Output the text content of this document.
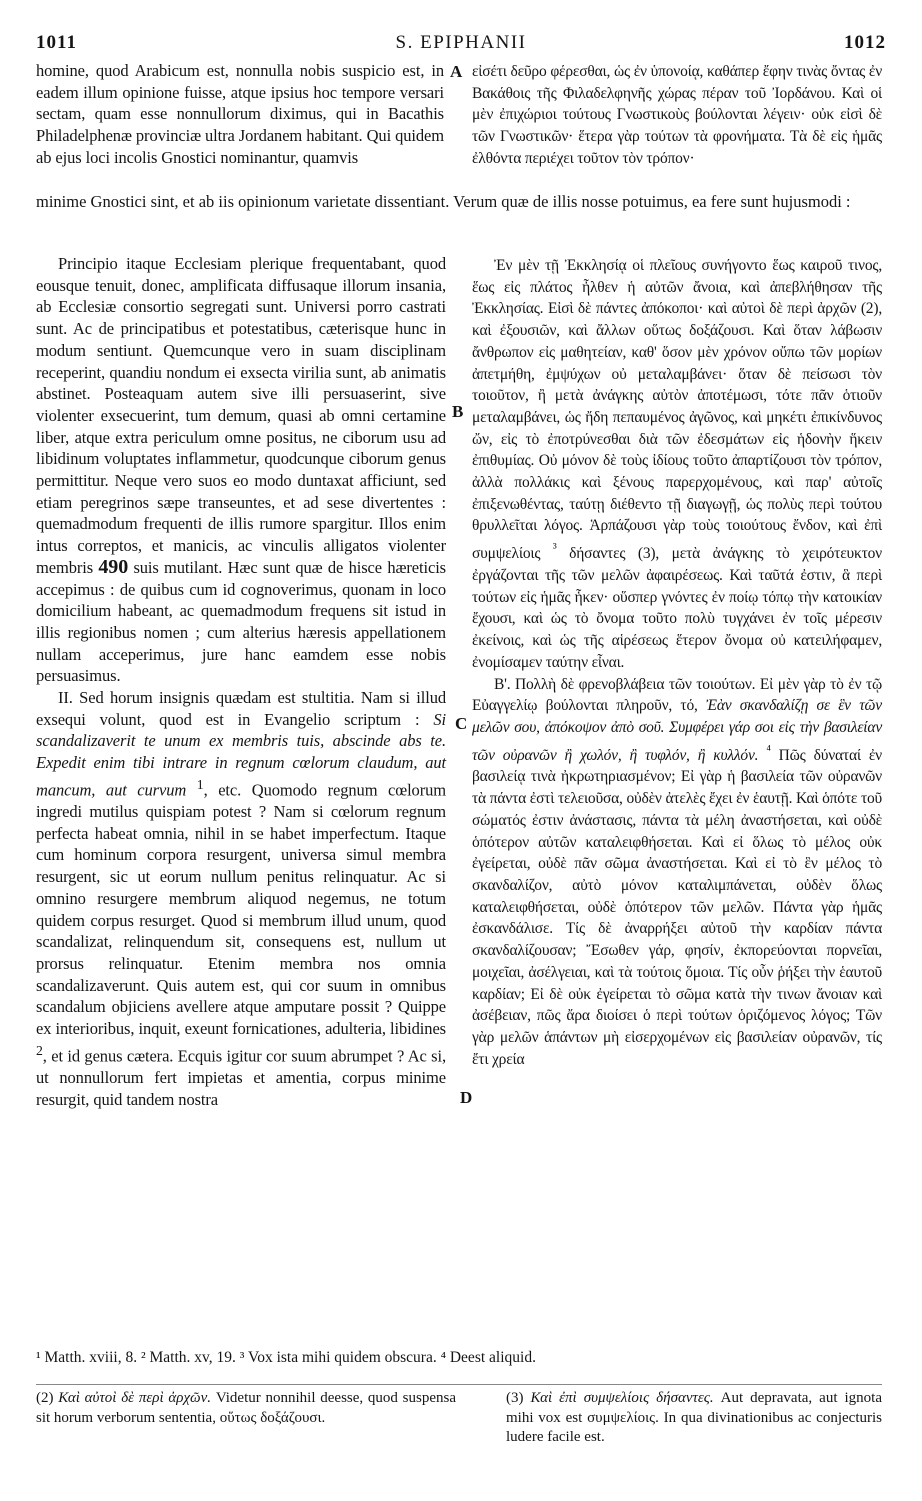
1011	S. EPIPHANII	1012

homine, quod Arabicum est, nonnulla nobis suspicio est, in eadem illum opinione fuisse, atque ipsius hoc tempore versari sectam, quam esse nonnullorum diximus, qui in Bacathis Philadelphenæ provinciæ ultra Jordanem habitant. Qui quidem ab ejus loci incolis Gnostici nominantur, quamvis

εἰσέτι δεῦρο φέρεσθαι, ὡς ἐν ὑπονοίᾳ, καθάπερ ἔφην τινὰς ὄντας ἐν Βακάθοις τῆς Φιλαδελφηνῆς χώρας πέραν τοῦ Ἰορδάνου. Καὶ οἱ μὲν ἐπιχώριοι τούτους Γνωστικοὺς βούλονται λέγειν· οὐκ εἰσὶ δὲ τῶν Γνωστικῶν· ἕτερα γὰρ τούτων τὰ φρονήματα. Τὰ δὲ εἰς ἡμᾶς ἐλθόντα περιέχει τοῦτον τὸν τρόπον·

A

minime Gnostici sint, et ab iis opinionum varietate dissentiant. Verum quæ de illis nosse potuimus, ea fere sunt hujusmodi :

Principio itaque Ecclesiam plerique frequentabant, quod eousque tenuit, donec, amplificata diffusaque illorum insania, ab Ecclesiæ consortio segregati sunt. Universi porro castrati sunt. Ac de principatibus et potestatibus, cæterisque hunc in modum sentiunt. Quemcunque vero in suam disciplinam receperint, quandiu nondum ei exsecta virilia sunt, ab animatis abstinet. Posteaquam autem sive illi persuaserint, sive violenter exsecuerint, tum demum, quasi ab omni certamine liber, atque extra periculum omne positus, ne ciborum usu ad libidinum voluptates inflammetur, quodcunque ciborum genus permittitur. Neque vero suos eo modo duntaxat afficiunt, sed etiam peregrinos sæpe transeuntes, et ad sese divertentes : quemadmodum frequenti de illis rumore spargitur. Illos enim intus correptos, et manicis, ac vinculis alligatos violenter membris 490 suis mutilant. Hæc sunt quæ de hisce hæreticis accepimus : de quibus cum id cognoverimus, quonam in loco domicilium habeant, ac quemadmodum frequens sit istud in illis regionibus nomen ; cum alterius hæresis appellationem nullam acceperimus, jure hanc eamdem esse nobis persuasimus.

II. Sed horum insignis quædam est stultitia. Nam si illud exsequi volunt, quod est in Evangelio scriptum : Si scandalizaverit te unum ex membris tuis, abscinde abs te. Expedit enim tibi intrare in regnum cœlorum claudum, aut mancum, aut curvum $^1$, etc. Quomodo regnum cœlorum ingredi mutilus quispiam potest ? Nam si cœlorum regnum perfecta habeat omnia, nihil in se habet imperfectum. Itaque cum hominum corpora resurgent, universa simul membra resurgent, sic ut eorum nullum penitus relinquatur. Ac si omnino resurgere membrum aliquod negemus, ne totum quidem corpus resurget. Quod si membrum illud unum, quod scandalizat, relinquendum sit, consequens est, nullum ut prorsus relinquatur. Etenim membra nos omnia scandalizaverunt. Quis autem est, qui cor suum in omnibus scandalum objiciens avellere atque amputare possit ? Quippe ex interioribus, inquit, exeunt fornicationes, adulteria, libidines $^2$, et id genus cætera. Ecquis igitur cor suum abrumpet ? Ac si, ut nonnullorum fert impietas et amentia, corpus minime resurgit, quid tandem nostra

Ἐν μὲν τῇ Ἐκκλησίᾳ οἱ πλεῖους συνήγοντο ἕως καιροῦ τινος, ἕως εἰς πλάτος ἦλθεν ἡ αὐτῶν ἄνοια, καὶ ἀπεβλήθησαν τῆς Ἐκκλησίας. Εἰσὶ δὲ πάντες ἀπόκοποι· καὶ αὐτοὶ δὲ περὶ ἀρχῶν (2), καὶ ἐξουσιῶν, καὶ ἄλλων οὕτως δοξάζουσι. Καὶ ὅταν λάβωσιν ἄνθρωπον εἰς μαθητείαν, καθ' ὅσον μὲν χρόνον οὔπω τῶν μορίων ἀπετμήθη, ἐμψύχων οὐ μεταλαμβάνει· ὅταν δὲ πείσωσι τὸν τοιοῦτον, ἢ μετὰ ἀνάγκης αὐτὸν ἀποτέμωσι, τότε πᾶν ὁτιοῦν μεταλαμβάνει, ὡς ἤδη πεπαυμένος ἀγῶνος, καὶ μηκέτι ἐπικίνδυνος ὤν, εἰς τὸ ἐποτρύνεσθαι διὰ τῶν ἐδεσμάτων εἰς ἡδονὴν ἥκειν ἐπιθυμίας. Οὐ μόνον δὲ τοὺς ἰδίους τοῦτο ἀπαρτίζουσι τὸν τρόπον, ἀλλὰ πολλάκις καὶ ξένους παρερχομένους, καὶ παρ' αὐτοῖς ἐπιξενωθέντας, ταύτῃ διέθεντο τῇ διαγωγῇ, ὡς πολὺς περὶ τούτου θρυλλεῖται λόγος. Ἁρπάζουσι γὰρ τοὺς τοιούτους ἔνδον, καὶ ἐπὶ συμψελίοις $^{^3}$ δήσαντες (3), μετὰ ἀνάγκης τὸ χειρότευκτον ἐργάζονται τῆς τῶν μελῶν ἀφαιρέσεως. Καὶ ταῦτά ἐστιν, ἃ περὶ τούτων εἰς ἡμᾶς ἧκεν· οὕσπερ γνόντες ἐν ποίῳ τόπῳ τὴν κατοικίαν ἔχουσι, καὶ ὡς τὸ ὄνομα τοῦτο πολὺ τυγχάνει ἐν τοῖς μέρεσιν ἐκείνοις, καὶ ὡς τῆς αἱρέσεως ἕτερον ὄνομα οὐ κατειλήφαμεν, ἐνομίσαμεν ταύτην εἶναι.

Β'. Πολλὴ δὲ φρενοβλάβεια τῶν τοιούτων. Εἰ μὲν γὰρ τὸ ἐν τῷ Εὐαγγελίῳ βούλονται πληροῦν, τό, Ἐὰν σκανδαλίζῃ σε ἓν τῶν μελῶν σου, ἀπόκοψον ἀπὸ σοῦ. Συμφέρει γάρ σοι εἰς τὴν βασιλείαν τῶν οὐρανῶν ἢ χωλόν, ἢ τυφλόν, ἢ κυλλόν. $^{^4}$ Πῶς δύναταί ἐν βασιλείᾳ τινὰ ἠκρωτηριασμένον; Εἰ γὰρ ἡ βασιλεία τῶν οὐρανῶν τὰ πάντα ἐστὶ τελειοῦσα, οὐδὲν ἀτελὲς ἔχει ἐν ἑαυτῇ. Καὶ ὁπότε τοῦ σώματός ἐστιν ἀνάστασις, πάντα τὰ μέλη ἀναστήσεται, καὶ οὐδὲ ὁπότερον αὐτῶν καταλειφθήσεται. Καὶ εἰ ὅλως τὸ μέλος οὐκ ἐγείρεται, οὐδὲ πᾶν σῶμα ἀναστήσεται. Καὶ εἰ τὸ ἓν μέλος τὸ σκανδαλίζον, αὐτὸ μόνον καταλιμπάνεται, οὐδὲν ὅλως καταλειφθήσεται, οὐδὲ ὁπότερον τῶν μελῶν. Πάντα γὰρ ἡμᾶς ἐσκανδάλισε. Τίς δὲ ἀναρρήξει αὐτοῦ τὴν καρδίαν πάντα σκανδαλίζουσαν; Ἔσωθεν γάρ, φησίν, ἐκπορεύονται πορνεῖαι, μοιχεῖαι, ἀσέλγειαι, καὶ τὰ τούτοις ὅμοια. Τίς οὖν ῥήξει τὴν ἑαυτοῦ καρδίαν; Εἰ δὲ οὐκ ἐγείρεται τὸ σῶμα κατὰ τὴν τινων ἄνοιαν καὶ ἀσέβειαν, πῶς ἄρα διοίσει ὁ περὶ τούτων ὁριζόμενος λόγος; Τῶν γὰρ μελῶν ἁπάντων μὴ εἰσερχομένων εἰς βασιλείαν οὐρανῶν, τίς ἔτι χρεία

B
C
D
¹ Matth. xviii, 8. ² Matth. xv, 19. ³ Vox ista mihi quidem obscura. ⁴ Deest aliquid.
(2) Καὶ αὐτοὶ δὲ περὶ ἀρχῶν. Videtur nonnihil deesse, quod suspensa sit horum verborum sententia, οὕτως δοξάζουσι.
(3) Καὶ ἐπὶ συμψελίοις δήσαντες. Aut depravata, aut ignota mihi vox est συμψελίοις. In qua divinationibus ac conjecturis ludere facile est.
